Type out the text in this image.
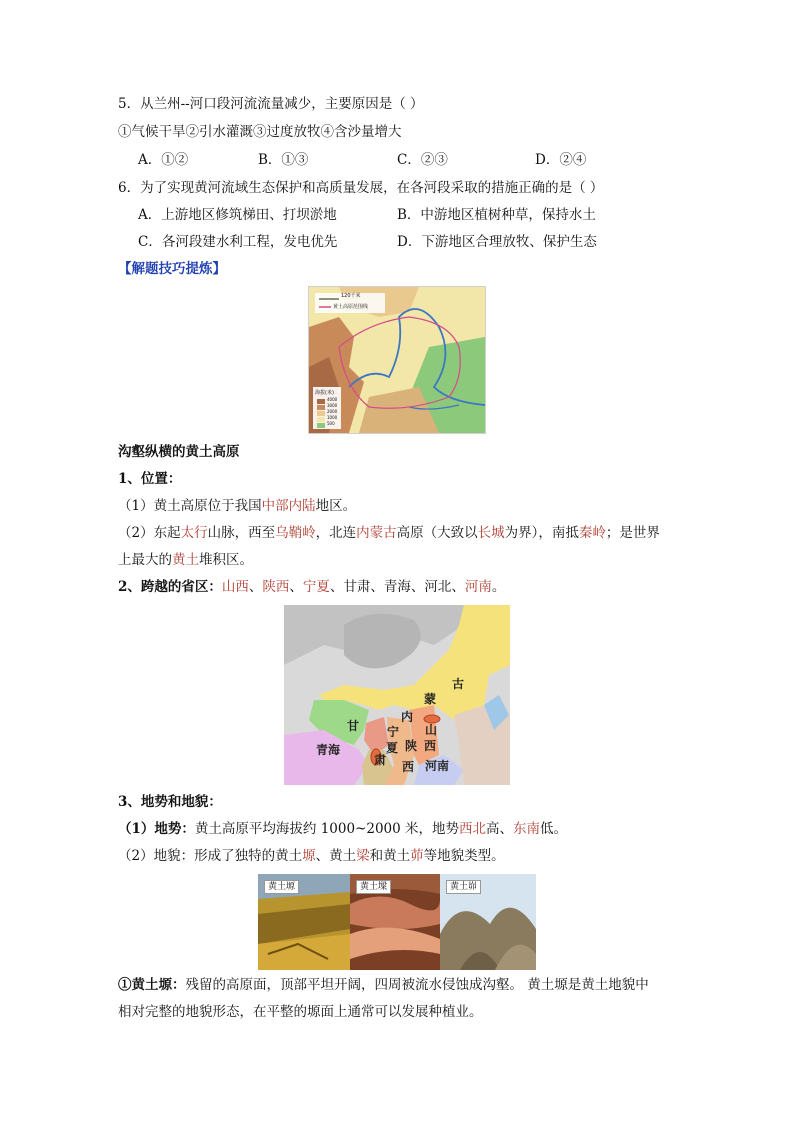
5．从兰州--河口段河流流量减少，主要原因是（ ）
①气候干旱②引水灌溉③过度放牧④含沙量增大
A．①②	B．①③	C．②③	D．②④
6．为了实现黄河流域生态保护和高质量发展，在各河段采取的措施正确的是（ ）
A．上游地区修筑梯田、打坝淤地	B．中游地区植树种草，保持水土
C．各河段建水利工程，发电优先	D．下游地区合理放牧、保护生态
【解题技巧提炼】
120千米
黄土高原范围线
海拔(米)
4000
3000
2000
1000
500
沟壑纵横的黄土高原
1、位置：
（1）黄土高原位于我国中部内陆地区。
（2）东起太行山脉，西至乌鞘岭，北连内蒙古高原（大致以长城为界），南抵秦岭；是世界
上最大的黄土堆积区。
2、跨越的省区：山西、陕西、宁夏、甘肃、青海、河北、河南。
古
蒙
内
山
甘 宁
夏 陕 西
肃 西
青海
河南
3、地势和地貌：
（1）地势：黄土高原平均海拔约 1000~2000 米，地势西北高、东南低。
（2）地貌：形成了独特的黄土塬、黄土梁和黄土茆等地貌类型。
黄土塬	黄土墚	黄土峁
①黄土塬：残留的高原面，顶部平坦开阔，四周被流水侵蚀成沟壑。 黄土塬是黄土地貌中
相对完整的地貌形态，在平整的塬面上通常可以发展种植业。
